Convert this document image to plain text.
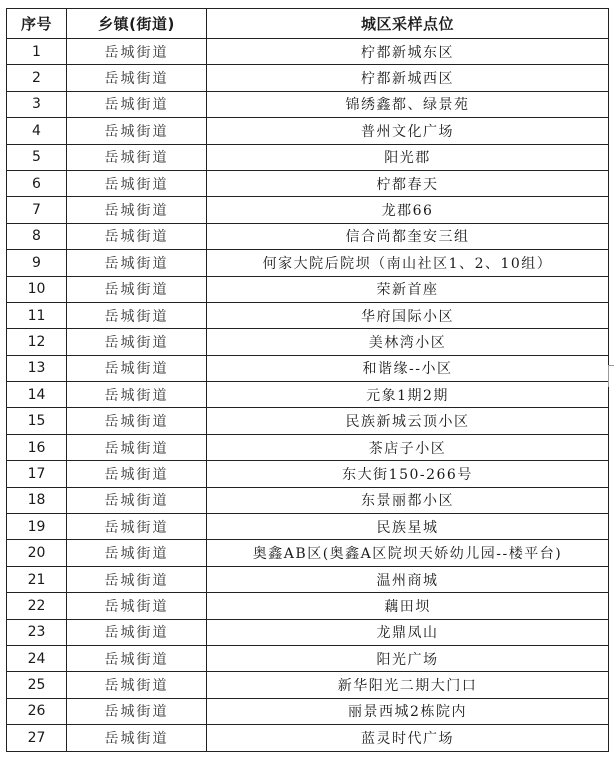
序号	乡镇(街道)	城区采样点位
1	岳城街道	柠都新城东区
2	岳城街道	柠都新城西区
3	岳城街道	锦绣鑫都、绿景苑
4	岳城街道	普州文化广场
5	岳城街道	阳光郡
6	岳城街道	柠都春天
7	岳城街道	龙郡66
8	岳城街道	信合尚都奎安三组
9	岳城街道	何家大院后院坝（南山社区1、2、10组）
10	岳城街道	荣新首座
11	岳城街道	华府国际小区
12	岳城街道	美林湾小区
13	岳城街道	和谐缘--小区
14	岳城街道	元象1期2期
15	岳城街道	民族新城云顶小区
16	岳城街道	茶店子小区
17	岳城街道	东大街150-266号
18	岳城街道	东景丽都小区
19	岳城街道	民族星城
20	岳城街道	奥鑫AB区(奥鑫A区院坝天娇幼儿园--楼平台)
21	岳城街道	温州商城
22	岳城街道	藕田坝
23	岳城街道	龙鼎凤山
24	岳城街道	阳光广场
25	岳城街道	新华阳光二期大门口
26	岳城街道	丽景西城2栋院内
27	岳城街道	蓝灵时代广场
